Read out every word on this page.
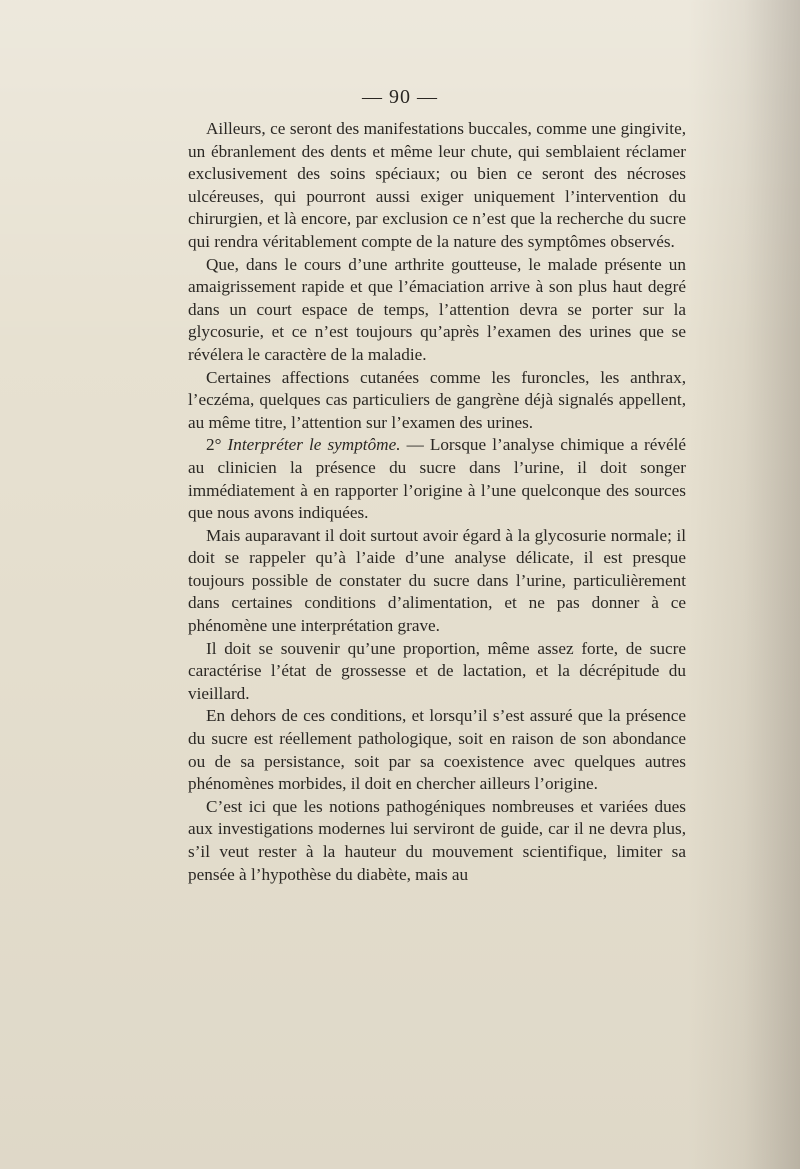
— 90 —

Ailleurs, ce seront des manifestations buccales, comme une gingivite, un ébranlement des dents et même leur chute, qui semblaient réclamer exclusivement des soins spéciaux; ou bien ce seront des nécroses ulcéreuses, qui pourront aussi exiger uniquement l’intervention du chirurgien, et là encore, par exclusion ce n’est que la recherche du sucre qui rendra véritablement compte de la nature des symptômes observés.

Que, dans le cours d’une arthrite goutteuse, le malade présente un amaigrissement rapide et que l’émaciation arrive à son plus haut degré dans un court espace de temps, l’attention devra se porter sur la glycosurie, et ce n’est toujours qu’après l’examen des urines que se révélera le caractère de la maladie.

Certaines affections cutanées comme les furoncles, les anthrax, l’eczéma, quelques cas particuliers de gangrène déjà signalés appellent, au même titre, l’attention sur l’examen des urines.

2° Interpréter le symptôme. — Lorsque l’analyse chimique a révélé au clinicien la présence du sucre dans l’urine, il doit songer immédiatement à en rapporter l’origine à l’une quelconque des sources que nous avons indiquées.

Mais auparavant il doit surtout avoir égard à la glycosurie normale; il doit se rappeler qu’à l’aide d’une analyse délicate, il est presque toujours possible de constater du sucre dans l’urine, particulièrement dans certaines conditions d’alimentation, et ne pas donner à ce phénomène une interprétation grave.

Il doit se souvenir qu’une proportion, même assez forte, de sucre caractérise l’état de grossesse et de lactation, et la décrépitude du vieillard.

En dehors de ces conditions, et lorsqu’il s’est assuré que la présence du sucre est réellement pathologique, soit en raison de son abondance ou de sa persistance, soit par sa coexistence avec quelques autres phénomènes morbides, il doit en chercher ailleurs l’origine.

C’est ici que les notions pathogéniques nombreuses et variées dues aux investigations modernes lui serviront de guide, car il ne devra plus, s’il veut rester à la hauteur du mouvement scientifique, limiter sa pensée à l’hypothèse du diabète, mais au
